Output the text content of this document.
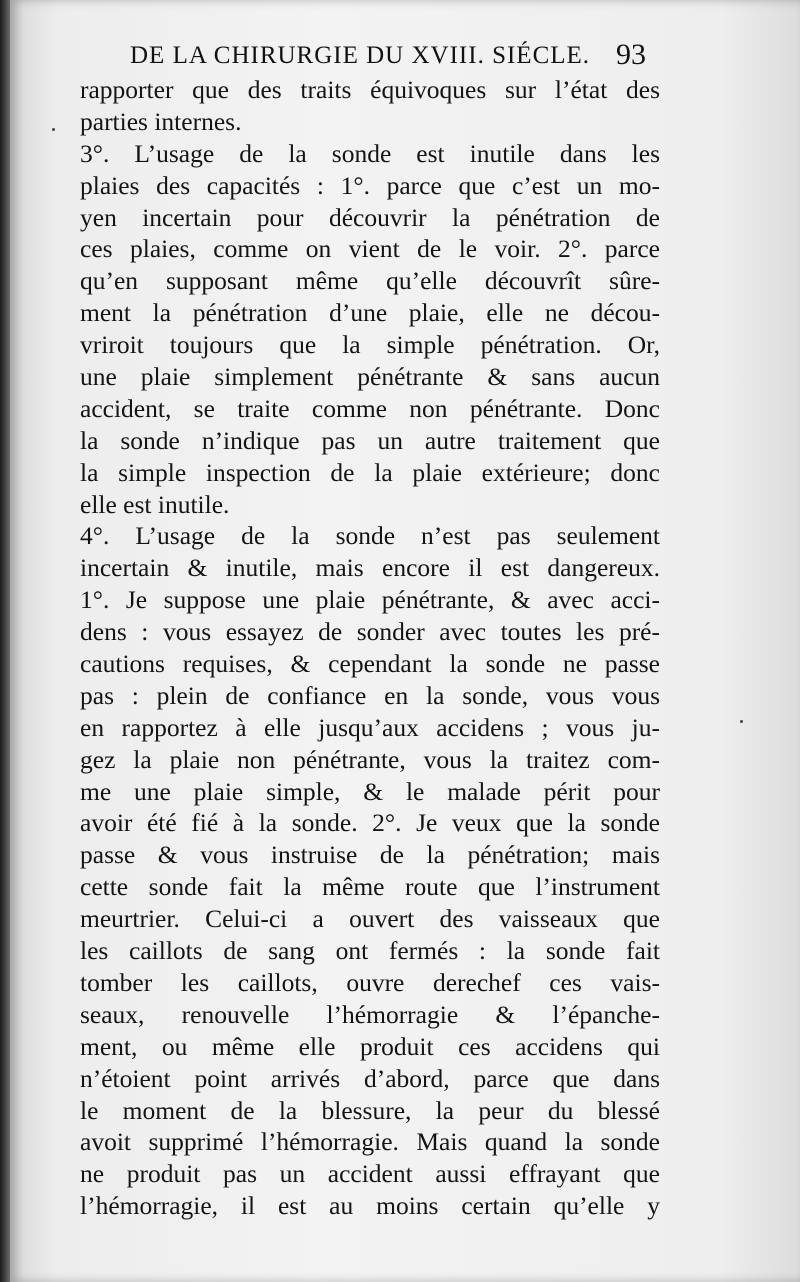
DE LA CHIRURGIE DU XVIII. SIÉCLE. 93
rapporter que des traits équivoques sur l’état des
parties internes.
3°. L’usage de la sonde est inutile dans les
plaies des capacités : 1°. parce que c’est un mo-
yen incertain pour découvrir la pénétration de
ces plaies, comme on vient de le voir. 2°. parce
qu’en supposant même qu’elle découvrît sûre-
ment la pénétration d’une plaie, elle ne décou-
vriroit toujours que la simple pénétration. Or,
une plaie simplement pénétrante & sans aucun
accident, se traite comme non pénétrante. Donc
la sonde n’indique pas un autre traitement que
la simple inspection de la plaie extérieure; donc
elle est inutile.
4°. L’usage de la sonde n’est pas seulement
incertain & inutile, mais encore il est dangereux.
1°. Je suppose une plaie pénétrante, & avec acci-
dens : vous essayez de sonder avec toutes les pré-
cautions requises, & cependant la sonde ne passe
pas : plein de confiance en la sonde, vous vous
en rapportez à elle jusqu’aux accidens ; vous ju-
gez la plaie non pénétrante, vous la traitez com-
me une plaie simple, & le malade périt pour
avoir été fié à la sonde. 2°. Je veux que la sonde
passe & vous instruise de la pénétration; mais
cette sonde fait la même route que l’instrument
meurtrier. Celui-ci a ouvert des vaisseaux que
les caillots de sang ont fermés : la sonde fait
tomber les caillots, ouvre derechef ces vais-
seaux, renouvelle l’hémorragie & l’épanche-
ment, ou même elle produit ces accidens qui
n’étoient point arrivés d’abord, parce que dans
le moment de la blessure, la peur du blessé
avoit supprimé l’hémorragie. Mais quand la sonde
ne produit pas un accident aussi effrayant que
l’hémorragie, il est au moins certain qu’elle y
